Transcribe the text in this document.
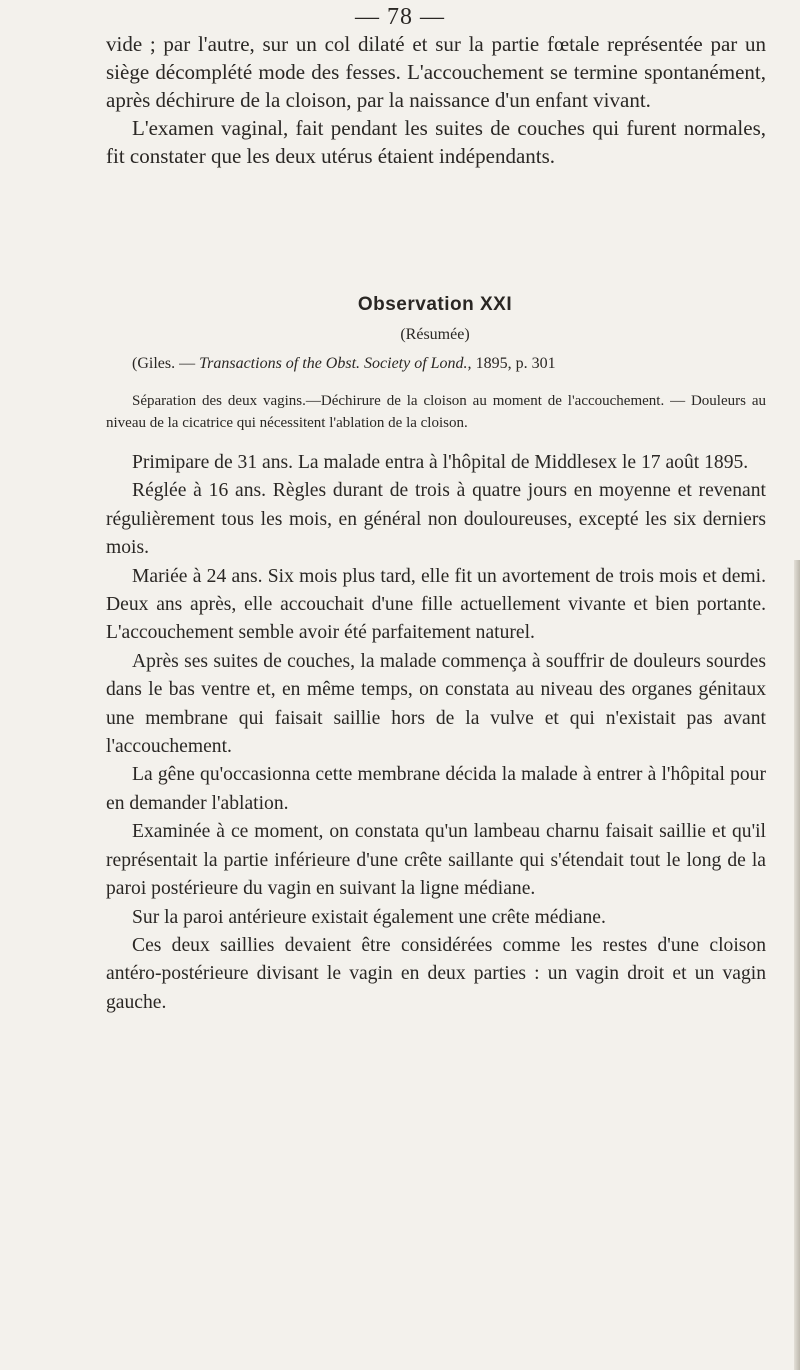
— 78 —

vide ; par l'autre, sur un col dilaté et sur la partie fœtale représentée par un siège décomplété mode des fesses. L'accouchement se termine spontanément, après déchirure de la cloison, par la naissance d'un enfant vivant.

L'examen vaginal, fait pendant les suites de couches qui furent normales, fit constater que les deux utérus étaient indépendants.

Observation XXI
(Résumée)
(Giles. — Transactions of the Obst. Society of Lond., 1895, p. 301

Séparation des deux vagins.—Déchirure de la cloison au moment de l'accouchement. — Douleurs au niveau de la cicatrice qui nécessitent l'ablation de la cloison.

Primipare de 31 ans. La malade entra à l'hôpital de Middlesex le 17 août 1895.

Réglée à 16 ans. Règles durant de trois à quatre jours en moyenne et revenant régulièrement tous les mois, en général non douloureuses, excepté les six derniers mois.

Mariée à 24 ans. Six mois plus tard, elle fit un avortement de trois mois et demi. Deux ans après, elle accouchait d'une fille actuellement vivante et bien portante. L'accouchement semble avoir été parfaitement naturel.

Après ses suites de couches, la malade commença à souffrir de douleurs sourdes dans le bas ventre et, en même temps, on constata au niveau des organes génitaux une membrane qui faisait saillie hors de la vulve et qui n'existait pas avant l'accouchement.

La gêne qu'occasionna cette membrane décida la malade à entrer à l'hôpital pour en demander l'ablation.

Examinée à ce moment, on constata qu'un lambeau charnu faisait saillie et qu'il représentait la partie inférieure d'une crête saillante qui s'étendait tout le long de la paroi postérieure du vagin en suivant la ligne médiane.

Sur la paroi antérieure existait également une crête médiane.

Ces deux saillies devaient être considérées comme les restes d'une cloison antéro-postérieure divisant le vagin en deux parties : un vagin droit et un vagin gauche.
